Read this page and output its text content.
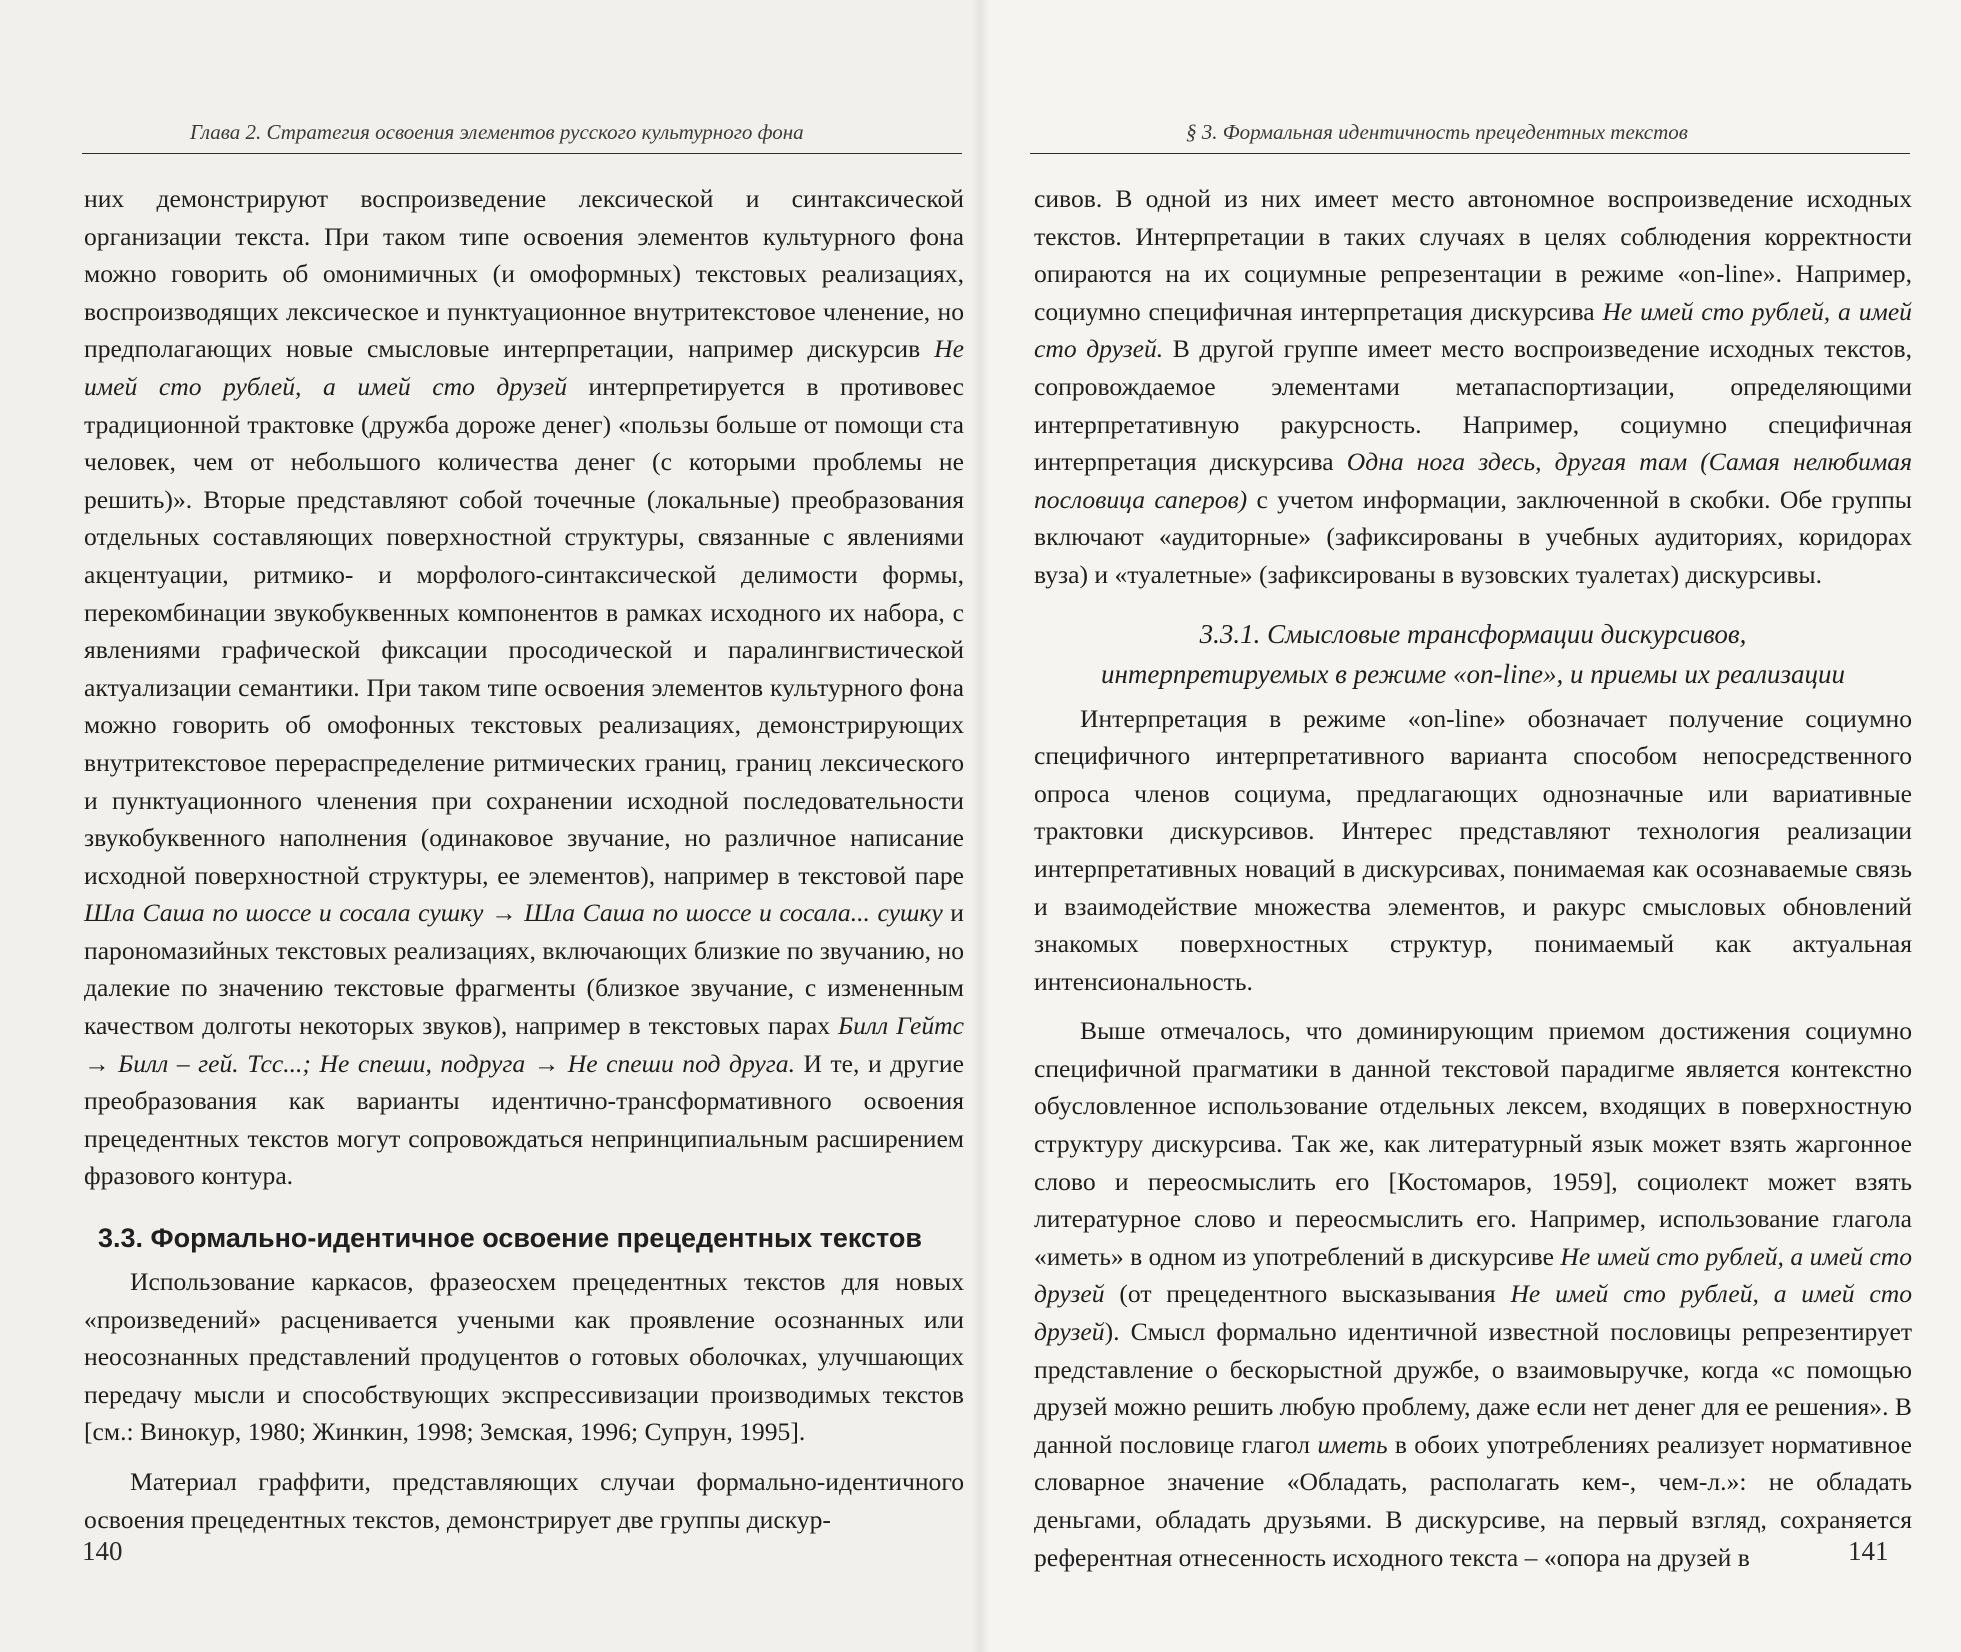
Глава 2. Стратегия освоения элементов русского культурного фона

них демонстрируют воспроизведение лексической и синтаксической организации текста. При таком типе освоения элементов культурного фона можно говорить об омонимичных (и омоформных) текстовых реализациях, воспроизводящих лексическое и пунктуационное внутритекстовое членение, но предполагающих новые смысловые интерпретации, например дискурсив Не имей сто рублей, а имей сто друзей интерпретируется в противовес традиционной трактовке (дружба дороже денег) «пользы больше от помощи ста человек, чем от небольшого количества денег (с которыми проблемы не решить)». Вторые представляют собой точечные (локальные) преобразования отдельных составляющих поверхностной структуры, связанные с явлениями акцентуации, ритмико- и морфолого-синтаксической делимости формы, перекомбинации звукобуквенных компонентов в рамках исходного их набора, с явлениями графической фиксации просодической и паралингвистической актуализации семантики. При таком типе освоения элементов культурного фона можно говорить об омофонных текстовых реализациях, демонстрирующих внутритекстовое перераспределение ритмических границ, границ лексического и пунктуационного членения при сохранении исходной последовательности звукобуквенного наполнения (одинаковое звучание, но различное написание исходной поверхностной структуры, ее элементов), например в текстовой паре Шла Саша по шоссе и сосала сушку → Шла Саша по шоссе и сосала... сушку и парономазийных текстовых реализациях, включающих близкие по звучанию, но далекие по значению текстовые фрагменты (близкое звучание, с измененным качеством долготы некоторых звуков), например в текстовых парах Билл Гейтс → Билл – гей. Тсс...; Не спеши, подруга → Не спеши под друга. И те, и другие преобразования как варианты идентично-трансформативного освоения прецедентных текстов могут сопровождаться непринципиальным расширением фразового контура.

3.3. Формально-идентичное освоение прецедентных текстов

Использование каркасов, фразеосхем прецедентных текстов для новых «произведений» расценивается учеными как проявление осознанных или неосознанных представлений продуцентов о готовых оболочках, улучшающих передачу мысли и способствующих экспрессивизации производимых текстов [см.: Винокур, 1980; Жинкин, 1998; Земская, 1996; Супрун, 1995].

Материал граффити, представляющих случаи формально-идентичного освоения прецедентных текстов, демонстрирует две группы дискур-

140
§ 3. Формальная идентичность прецедентных текстов

сивов. В одной из них имеет место автономное воспроизведение исходных текстов. Интерпретации в таких случаях в целях соблюдения корректности опираются на их социумные репрезентации в режиме «on-line». Например, социумно специфичная интерпретация дискурсива Не имей сто рублей, а имей сто друзей. В другой группе имеет место воспроизведение исходных текстов, сопровождаемое элементами метапаспортизации, определяющими интерпретативную ракурсность. Например, социумно специфичная интерпретация дискурсива Одна нога здесь, другая там (Самая нелюбимая пословица саперов) с учетом информации, заключенной в скобки. Обе группы включают «аудиторные» (зафиксированы в учебных аудиториях, коридорах вуза) и «туалетные» (зафиксированы в вузовских туалетах) дискурсивы.

3.3.1. Смысловые трансформации дискурсивов,
интерпретируемых в режиме «on-line», и приемы их реализации

Интерпретация в режиме «on-line» обозначает получение социумно специфичного интерпретативного варианта способом непосредственного опроса членов социума, предлагающих однозначные или вариативные трактовки дискурсивов. Интерес представляют технология реализации интерпретативных новаций в дискурсивах, понимаемая как осознаваемые связь и взаимодействие множества элементов, и ракурс смысловых обновлений знакомых поверхностных структур, понимаемый как актуальная интенсиональность.

Выше отмечалось, что доминирующим приемом достижения социумно специфичной прагматики в данной текстовой парадигме является контекстно обусловленное использование отдельных лексем, входящих в поверхностную структуру дискурсива. Так же, как литературный язык может взять жаргонное слово и переосмыслить его [Костомаров, 1959], социолект может взять литературное слово и переосмыслить его. Например, использование глагола «иметь» в одном из употреблений в дискурсиве Не имей сто рублей, а имей сто друзей (от прецедентного высказывания Не имей сто рублей, а имей сто друзей). Смысл формально идентичной известной пословицы репрезентирует представление о бескорыстной дружбе, о взаимовыручке, когда «с помощью друзей можно решить любую проблему, даже если нет денег для ее решения». В данной пословице глагол иметь в обоих употреблениях реализует нормативное словарное значение «Обладать, располагать кем-, чем-л.»: не обладать деньгами, обладать друзьями. В дискурсиве, на первый взгляд, сохраняется референтная отнесенность исходного текста – «опора на друзей в	141
